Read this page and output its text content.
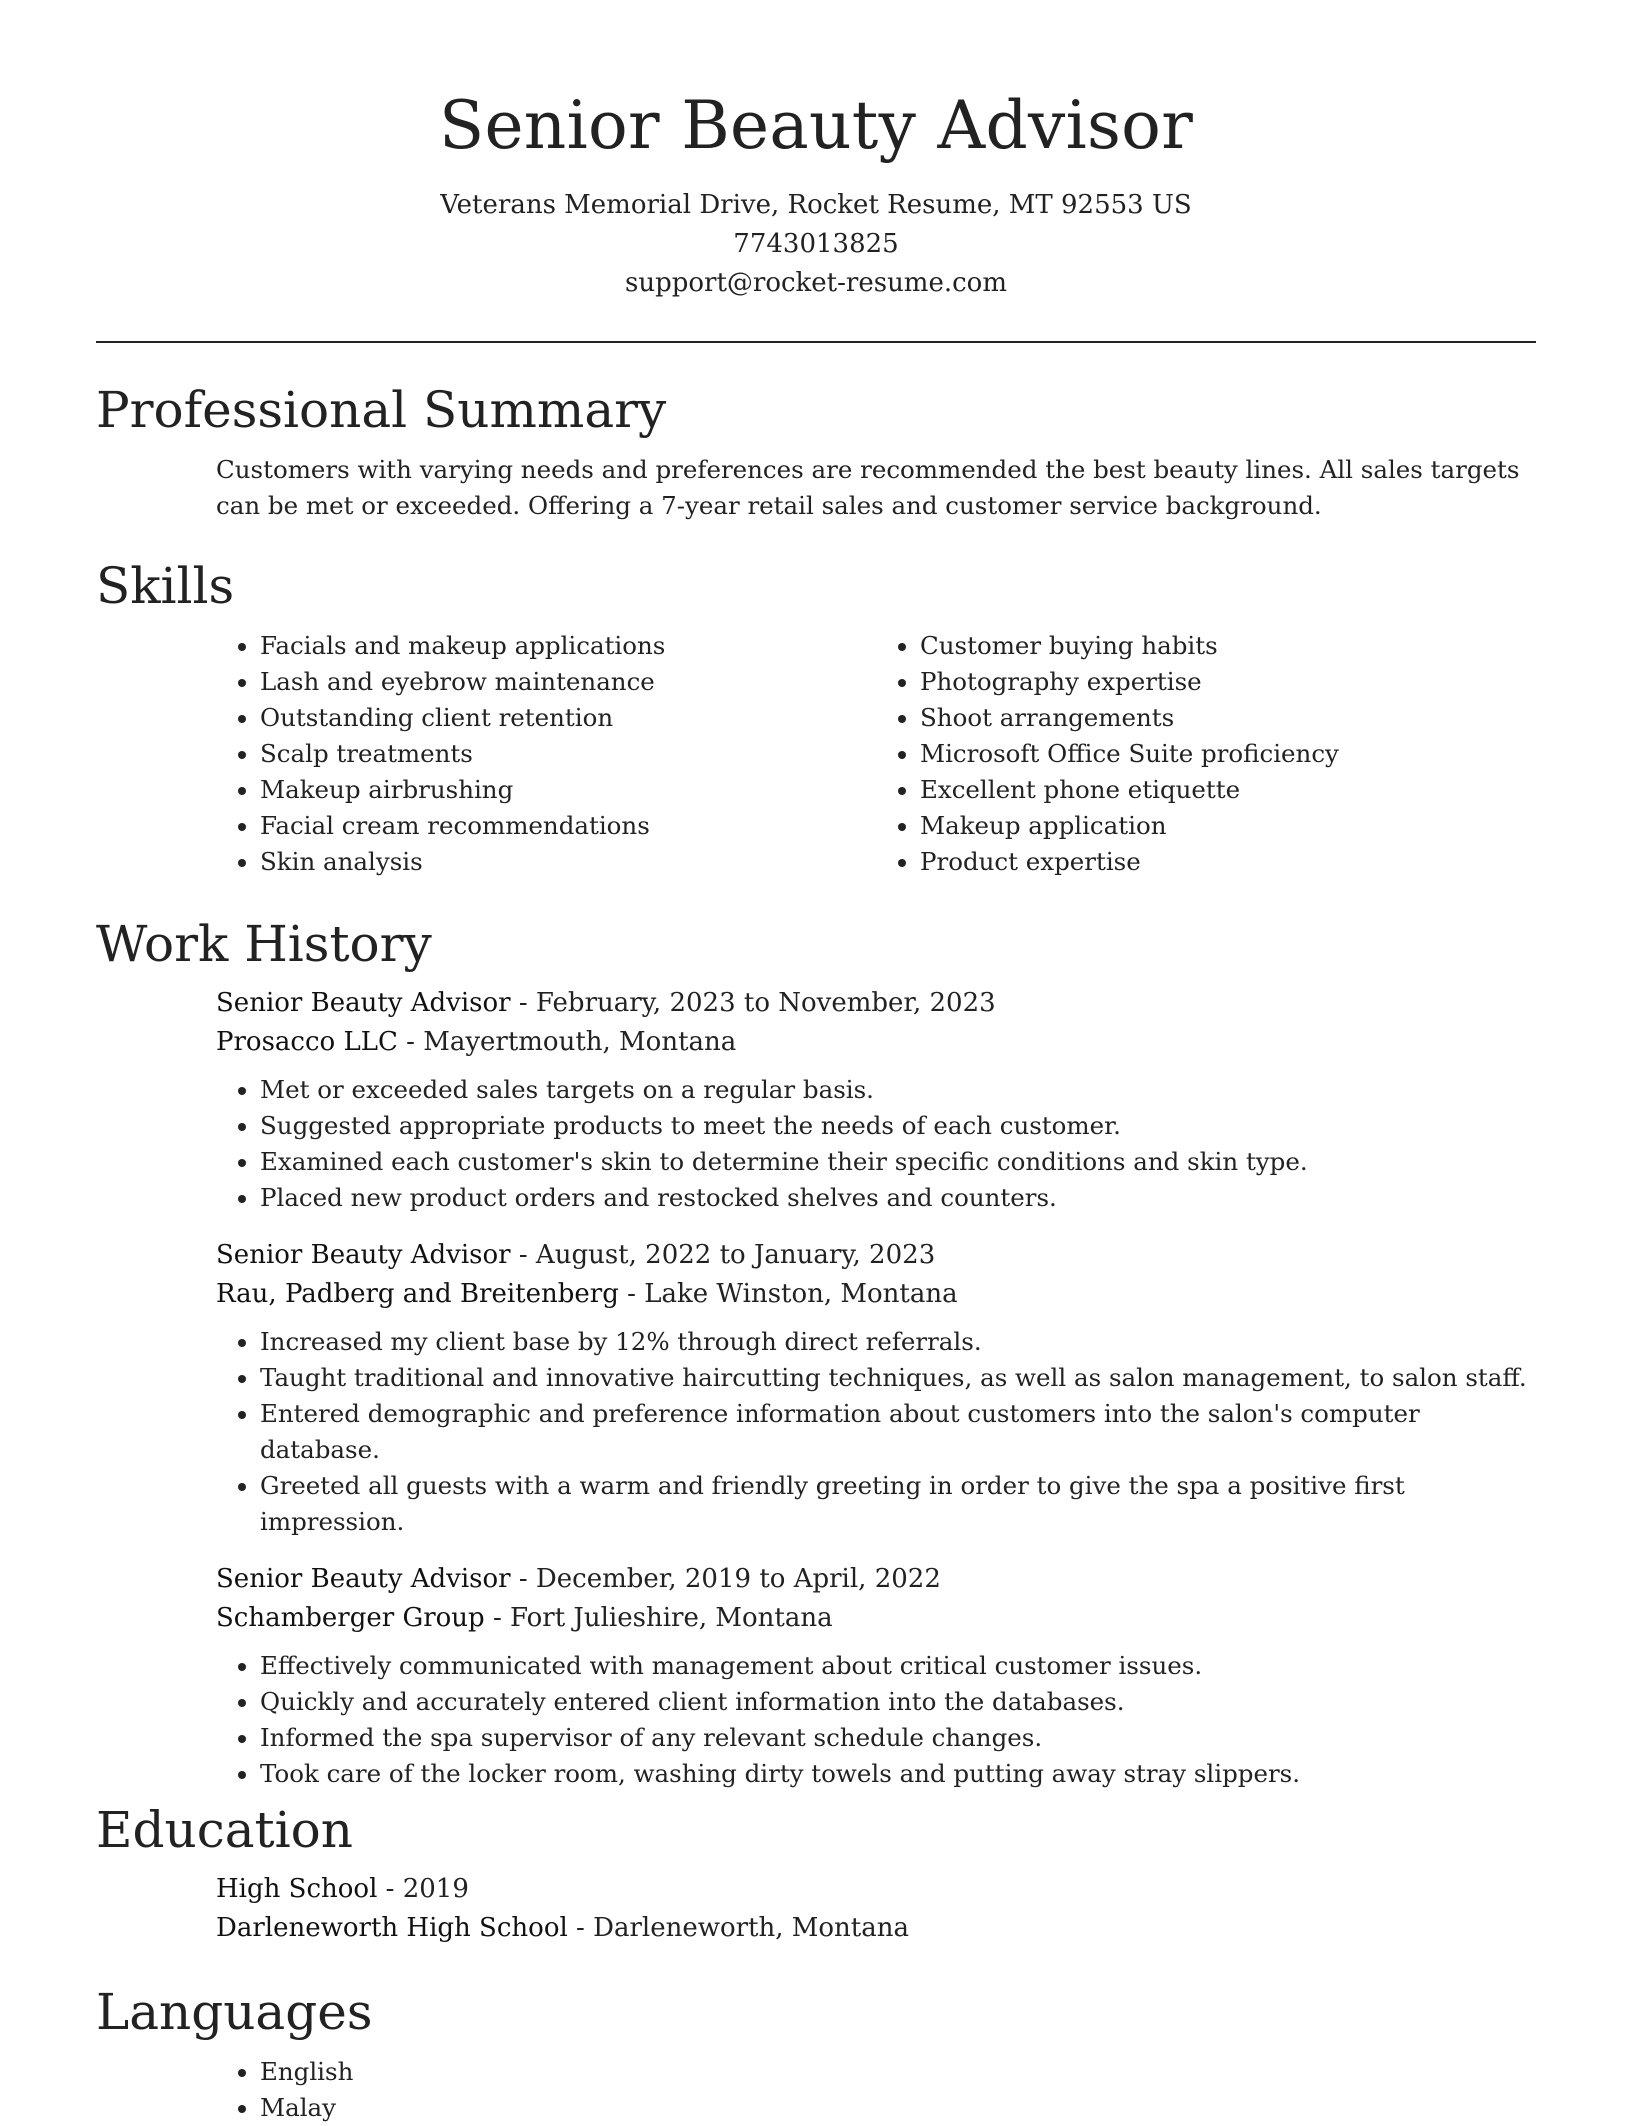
Senior Beauty Advisor
Veterans Memorial Drive, Rocket Resume, MT 92553 US
7743013825
support@rocket-resume.com
Professional Summary

Customers with varying needs and preferences are recommended the best beauty lines. All sales targets can be met or exceeded. Offering a 7-year retail sales and customer service background.

Skills
• Facials and makeup applications
• Lash and eyebrow maintenance
• Outstanding client retention
• Scalp treatments
• Makeup airbrushing
• Facial cream recommendations
• Skin analysis
• Customer buying habits
• Photography expertise
• Shoot arrangements
• Microsoft Office Suite proficiency
• Excellent phone etiquette
• Makeup application
• Product expertise
Work History
Senior Beauty Advisor - February, 2023 to November, 2023
Prosacco LLC - Mayertmouth, Montana
• Met or exceeded sales targets on a regular basis.
• Suggested appropriate products to meet the needs of each customer.
• Examined each customer's skin to determine their specific conditions and skin type.
• Placed new product orders and restocked shelves and counters.
Senior Beauty Advisor - August, 2022 to January, 2023
Rau, Padberg and Breitenberg - Lake Winston, Montana
• Increased my client base by 12% through direct referrals.
• Taught traditional and innovative haircutting techniques, as well as salon management, to salon staff.
• Entered demographic and preference information about customers into the salon's computer database.
• Greeted all guests with a warm and friendly greeting in order to give the spa a positive first impression.
Senior Beauty Advisor - December, 2019 to April, 2022
Schamberger Group - Fort Julieshire, Montana
• Effectively communicated with management about critical customer issues.
• Quickly and accurately entered client information into the databases.
• Informed the spa supervisor of any relevant schedule changes.
• Took care of the locker room, washing dirty towels and putting away stray slippers.
Education
High School - 2019
Darleneworth High School - Darleneworth, Montana
Languages
• English
• Malay
